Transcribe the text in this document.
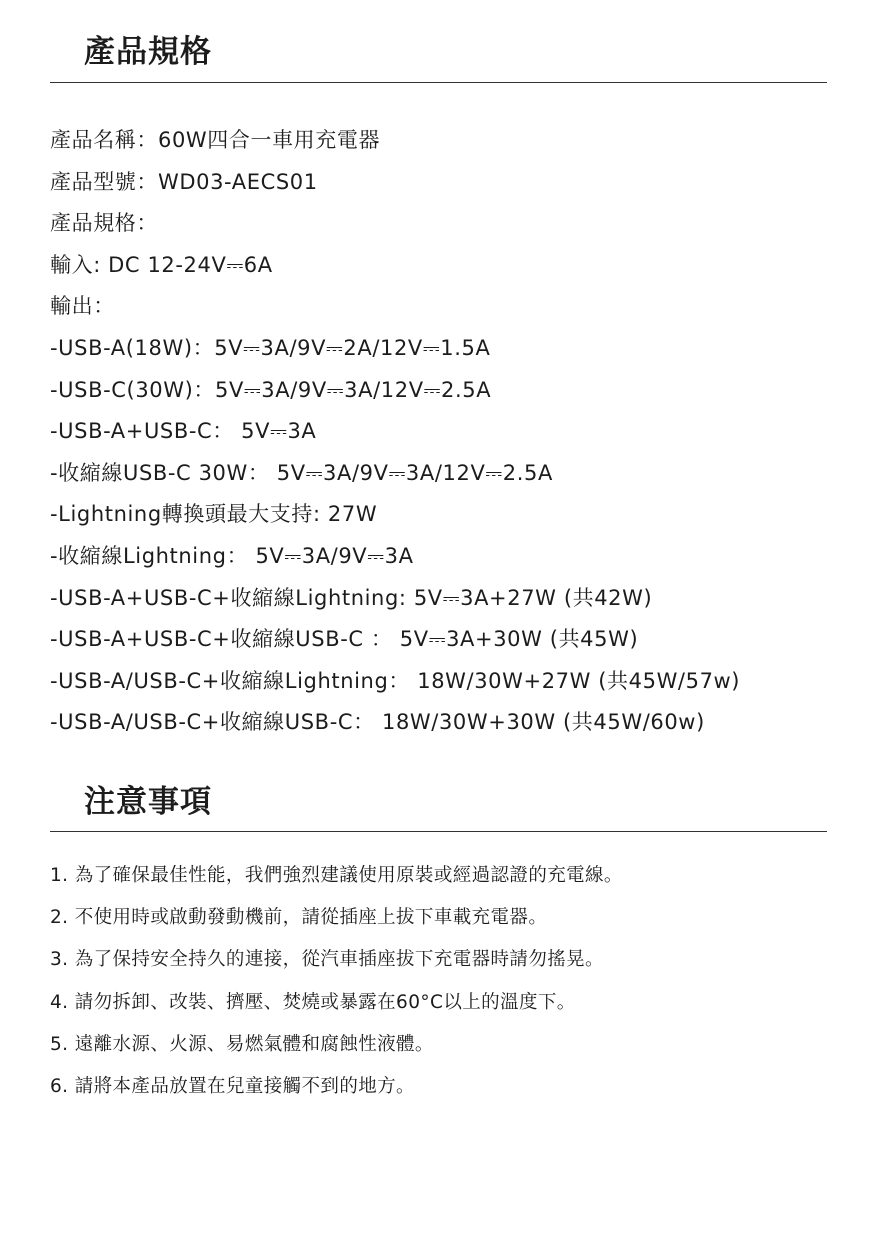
產品規格
產品名稱：60W四合一車用充電器
產品型號：WD03-AECS01
產品規格：
輸入: DC 12-24V⎓6A
輸出：
-USB-A(18W)：5V⎓3A/9V⎓2A/12V⎓1.5A
-USB-C(30W)：5V⎓3A/9V⎓3A/12V⎓2.5A
-USB-A+USB-C： 5V⎓3A
-收縮線USB-C 30W： 5V⎓3A/9V⎓3A/12V⎓2.5A
-Lightning轉換頭最大支持: 27W
-收縮線Lightning： 5V⎓3A/9V⎓3A
-USB-A+USB-C+收縮線Lightning: 5V⎓3A+27W (共42W)
-USB-A+USB-C+收縮線USB-C ： 5V⎓3A+30W (共45W)
-USB-A/USB-C+收縮線Lightning： 18W/30W+27W (共45W/57w)
-USB-A/USB-C+收縮線USB-C： 18W/30W+30W (共45W/60w)
注意事項
1. 為了確保最佳性能，我們強烈建議使用原裝或經過認證的充電線。
2. 不使用時或啟動發動機前，請從插座上拔下車載充電器。
3. 為了保持安全持久的連接，從汽車插座拔下充電器時請勿搖晃。
4. 請勿拆卸、改裝、擠壓、焚燒或暴露在60°C以上的溫度下。
5. 遠離水源、火源、易燃氣體和腐蝕性液體。
6. 請將本產品放置在兒童接觸不到的地方。
